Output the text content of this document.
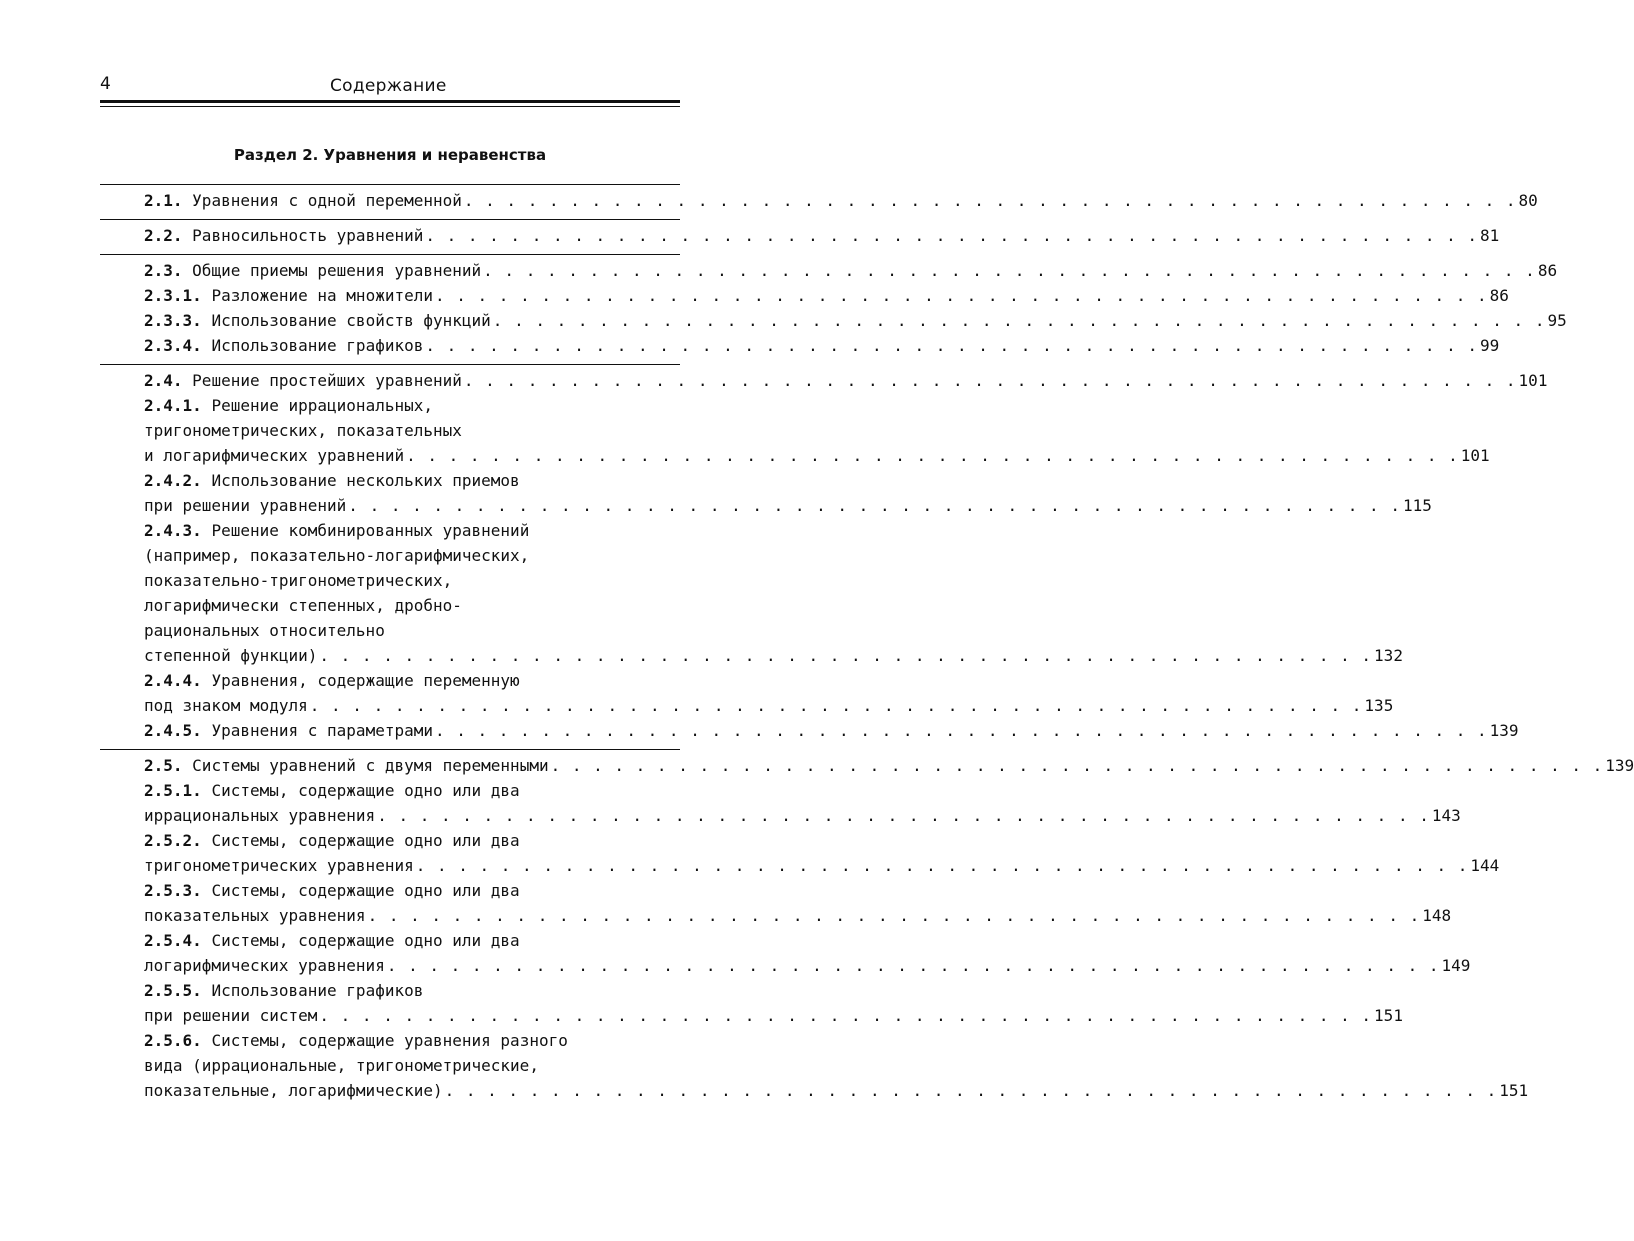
4	Содержание
Раздел 2. Уравнения и неравенства
2.1. Уравнения с одной переменной . . . . . . . . . . . . . . . . . . . . . . . . . . . . . . . . . . . . . . . . . . . . . . . . . . 80
2.2. Равносильность уравнений . . . . . . . . . . . . . . . . . . . . . . . . . . . . . . . . . . . . . . . . . . . . . . . . . . 81
2.3. Общие приемы решения уравнений . . . . . . . . . . . . . . . . . . . . . . . . . . . . . . . . . . . . . . . . . . . . . . . . . . 86
2.3.1. Разложение на множители . . . . . . . . . . . . . . . . . . . . . . . . . . . . . . . . . . . . . . . . . . . . . . . . . . 86
2.3.3. Использование свойств функций . . . . . . . . . . . . . . . . . . . . . . . . . . . . . . . . . . . . . . . . . . . . . . . . . . 95
2.3.4. Использование графиков . . . . . . . . . . . . . . . . . . . . . . . . . . . . . . . . . . . . . . . . . . . . . . . . . . 99
2.4. Решение простейших уравнений . . . . . . . . . . . . . . . . . . . . . . . . . . . . . . . . . . . . . . . . . . . . . . . . . . 101
2.4.1. Решение иррациональных,
тригонометрических, показательных
и логарифмических уравнений . . . . . . . . . . . . . . . . . . . . . . . . . . . . . . . . . . . . . . . . . . . . . . . . . . 101
2.4.2. Использование нескольких приемов
при решении уравнений . . . . . . . . . . . . . . . . . . . . . . . . . . . . . . . . . . . . . . . . . . . . . . . . . . 115
2.4.3. Решение комбинированных уравнений
(например, показательно-логарифмических,
показательно-тригонометрических,
логарифмически степенных, дробно-
рациональных относительно
степенной функции) . . . . . . . . . . . . . . . . . . . . . . . . . . . . . . . . . . . . . . . . . . . . . . . . . . 132
2.4.4. Уравнения, содержащие переменную
под знаком модуля . . . . . . . . . . . . . . . . . . . . . . . . . . . . . . . . . . . . . . . . . . . . . . . . . . 135
2.4.5. Уравнения с параметрами . . . . . . . . . . . . . . . . . . . . . . . . . . . . . . . . . . . . . . . . . . . . . . . . . . 139
2.5. Системы уравнений с двумя переменными . . . . . . . . . . . . . . . . . . . . . . . . . . . . . . . . . . . . . . . . . . . . . . . . . . 139
2.5.1. Системы, содержащие одно или два
иррациональных уравнения . . . . . . . . . . . . . . . . . . . . . . . . . . . . . . . . . . . . . . . . . . . . . . . . . . 143
2.5.2. Системы, содержащие одно или два
тригонометрических уравнения . . . . . . . . . . . . . . . . . . . . . . . . . . . . . . . . . . . . . . . . . . . . . . . . . . 144
2.5.3. Системы, содержащие одно или два
показательных уравнения . . . . . . . . . . . . . . . . . . . . . . . . . . . . . . . . . . . . . . . . . . . . . . . . . . 148
2.5.4. Системы, содержащие одно или два
логарифмических уравнения . . . . . . . . . . . . . . . . . . . . . . . . . . . . . . . . . . . . . . . . . . . . . . . . . . 149
2.5.5. Использование графиков
при решении систем . . . . . . . . . . . . . . . . . . . . . . . . . . . . . . . . . . . . . . . . . . . . . . . . . . 151
2.5.6. Системы, содержащие уравнения разного
вида (иррациональные, тригонометрические,
показательные, логарифмические) . . . . . . . . . . . . . . . . . . . . . . . . . . . . . . . . . . . . . . . . . . . . . . . . . . 151
